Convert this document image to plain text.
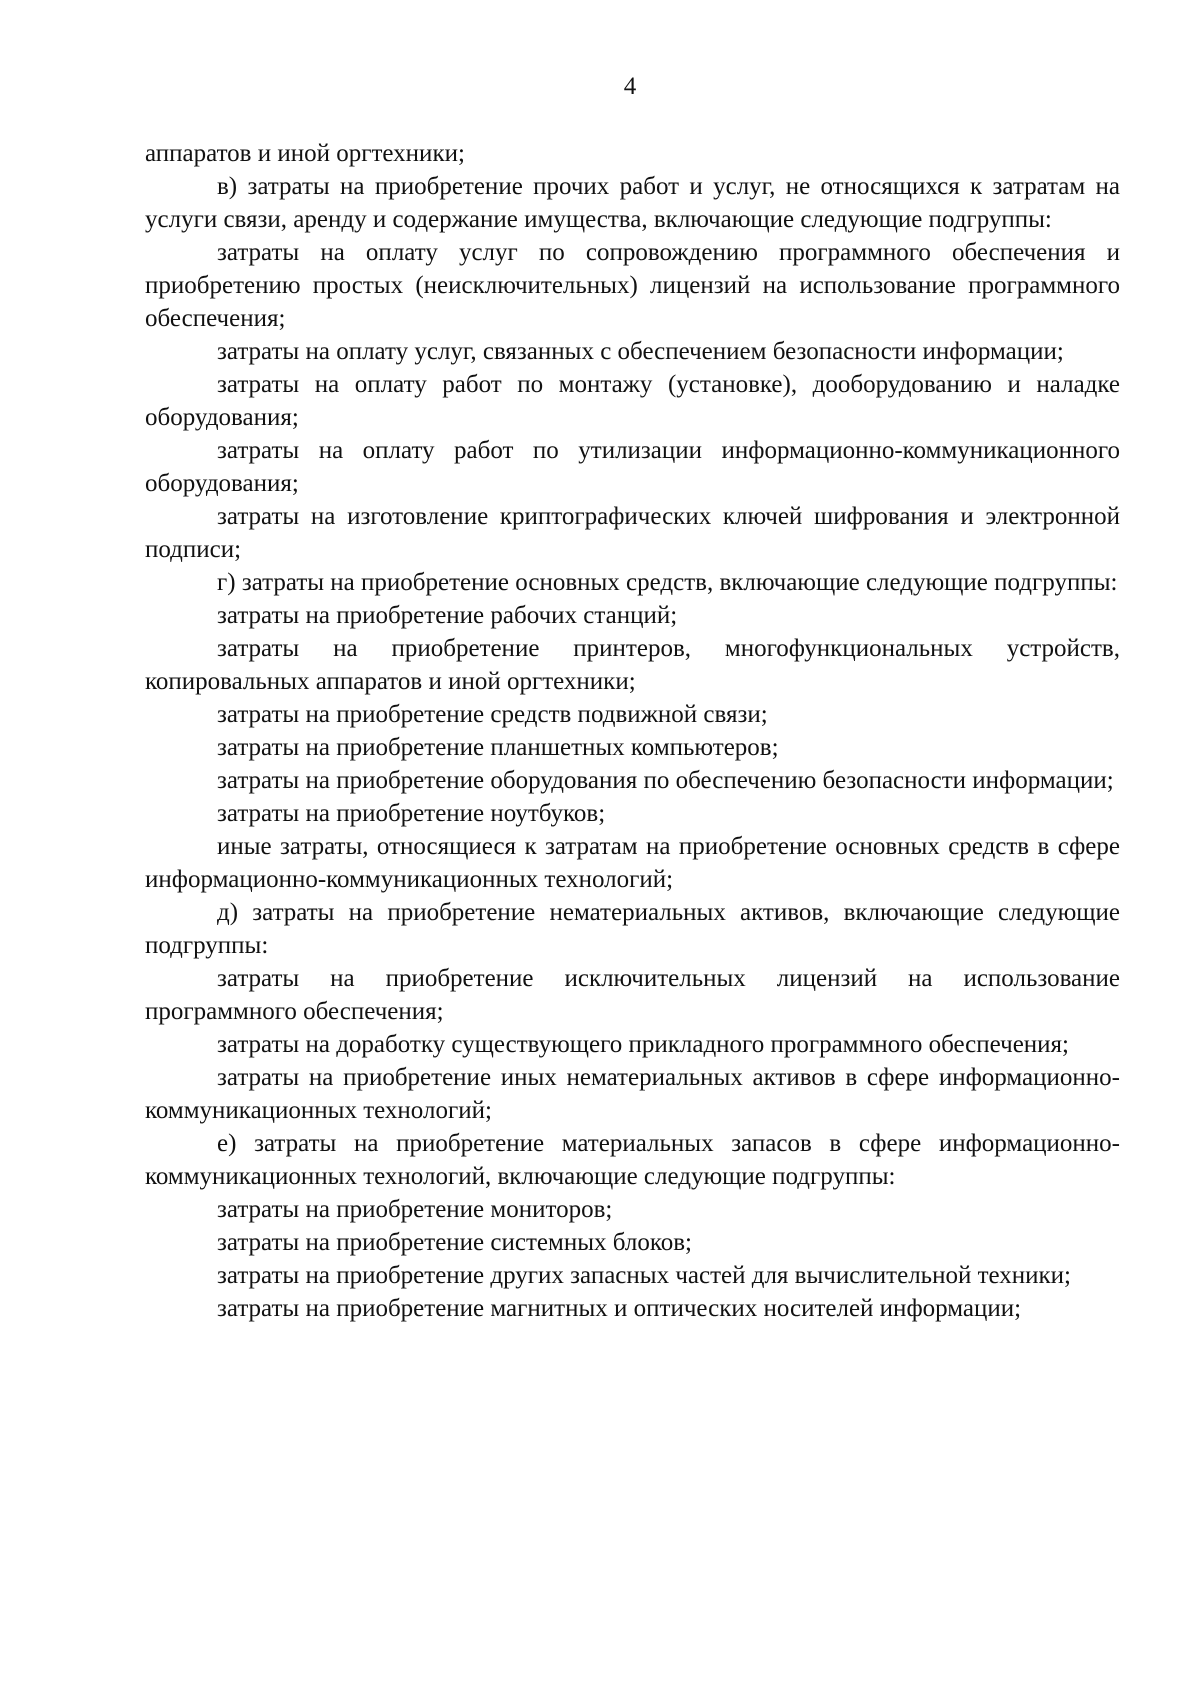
4

аппаратов и иной оргтехники;

в) затраты на приобретение прочих работ и услуг, не относящихся к затратам на услуги связи, аренду и содержание имущества, включающие следующие подгруппы:

затраты на оплату услуг по сопровождению программного обеспечения и приобретению простых (неисключительных) лицензий на использование программного обеспечения;

затраты на оплату услуг, связанных с обеспечением безопасности информации;

затраты на оплату работ по монтажу (установке), дооборудованию и наладке оборудования;

затраты на оплату работ по утилизации информационно-коммуникационного оборудования;

затраты на изготовление криптографических ключей шифрования и электронной подписи;

г) затраты на приобретение основных средств, включающие следующие подгруппы:

затраты на приобретение рабочих станций;

затраты на приобретение принтеров, многофункциональных устройств, копировальных аппаратов и иной оргтехники;

затраты на приобретение средств подвижной связи;

затраты на приобретение планшетных компьютеров;

затраты на приобретение оборудования по обеспечению безопасности информации;

затраты на приобретение ноутбуков;

иные затраты, относящиеся к затратам на приобретение основных средств в сфере информационно-коммуникационных технологий;

д) затраты на приобретение нематериальных активов, включающие следующие подгруппы:

затраты на приобретение исключительных лицензий на использование программного обеспечения;

затраты на доработку существующего прикладного программного обеспечения;

затраты на приобретение иных нематериальных активов в сфере информационно-коммуникационных технологий;

е) затраты на приобретение материальных запасов в сфере информационно-коммуникационных технологий, включающие следующие подгруппы:

затраты на приобретение мониторов;

затраты на приобретение системных блоков;

затраты на приобретение других запасных частей для вычислительной техники;

затраты на приобретение магнитных и оптических носителей информации;
